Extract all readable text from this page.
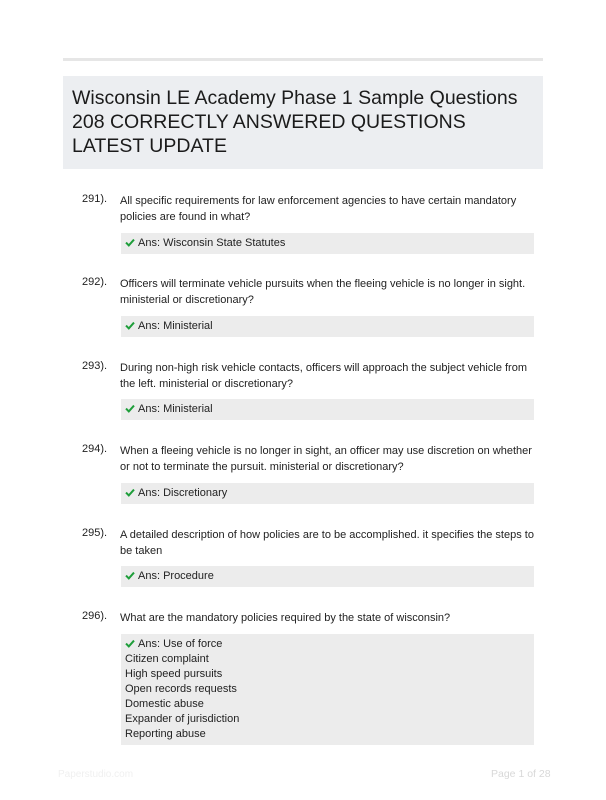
Wisconsin LE Academy Phase 1 Sample Questions 208 CORRECTLY ANSWERED QUESTIONS LATEST UPDATE
291). All specific requirements for law enforcement agencies to have certain mandatory policies are found in what?
Ans: Wisconsin State Statutes
292). Officers will terminate vehicle pursuits when the fleeing vehicle is no longer in sight. ministerial or discretionary?
Ans: Ministerial
293). During non-high risk vehicle contacts, officers will approach the subject vehicle from the left. ministerial or discretionary?
Ans: Ministerial
294). When a fleeing vehicle is no longer in sight, an officer may use discretion on whether or not to terminate the pursuit. ministerial or discretionary?
Ans: Discretionary
295). A detailed description of how policies are to be accomplished. it specifies the steps to be taken
Ans: Procedure
296). What are the mandatory policies required by the state of wisconsin?
Ans: Use of force
Citizen complaint
High speed pursuits
Open records requests
Domestic abuse
Expander of jurisdiction
Reporting abuse
Paperstudio.com	Page 1 of 28
